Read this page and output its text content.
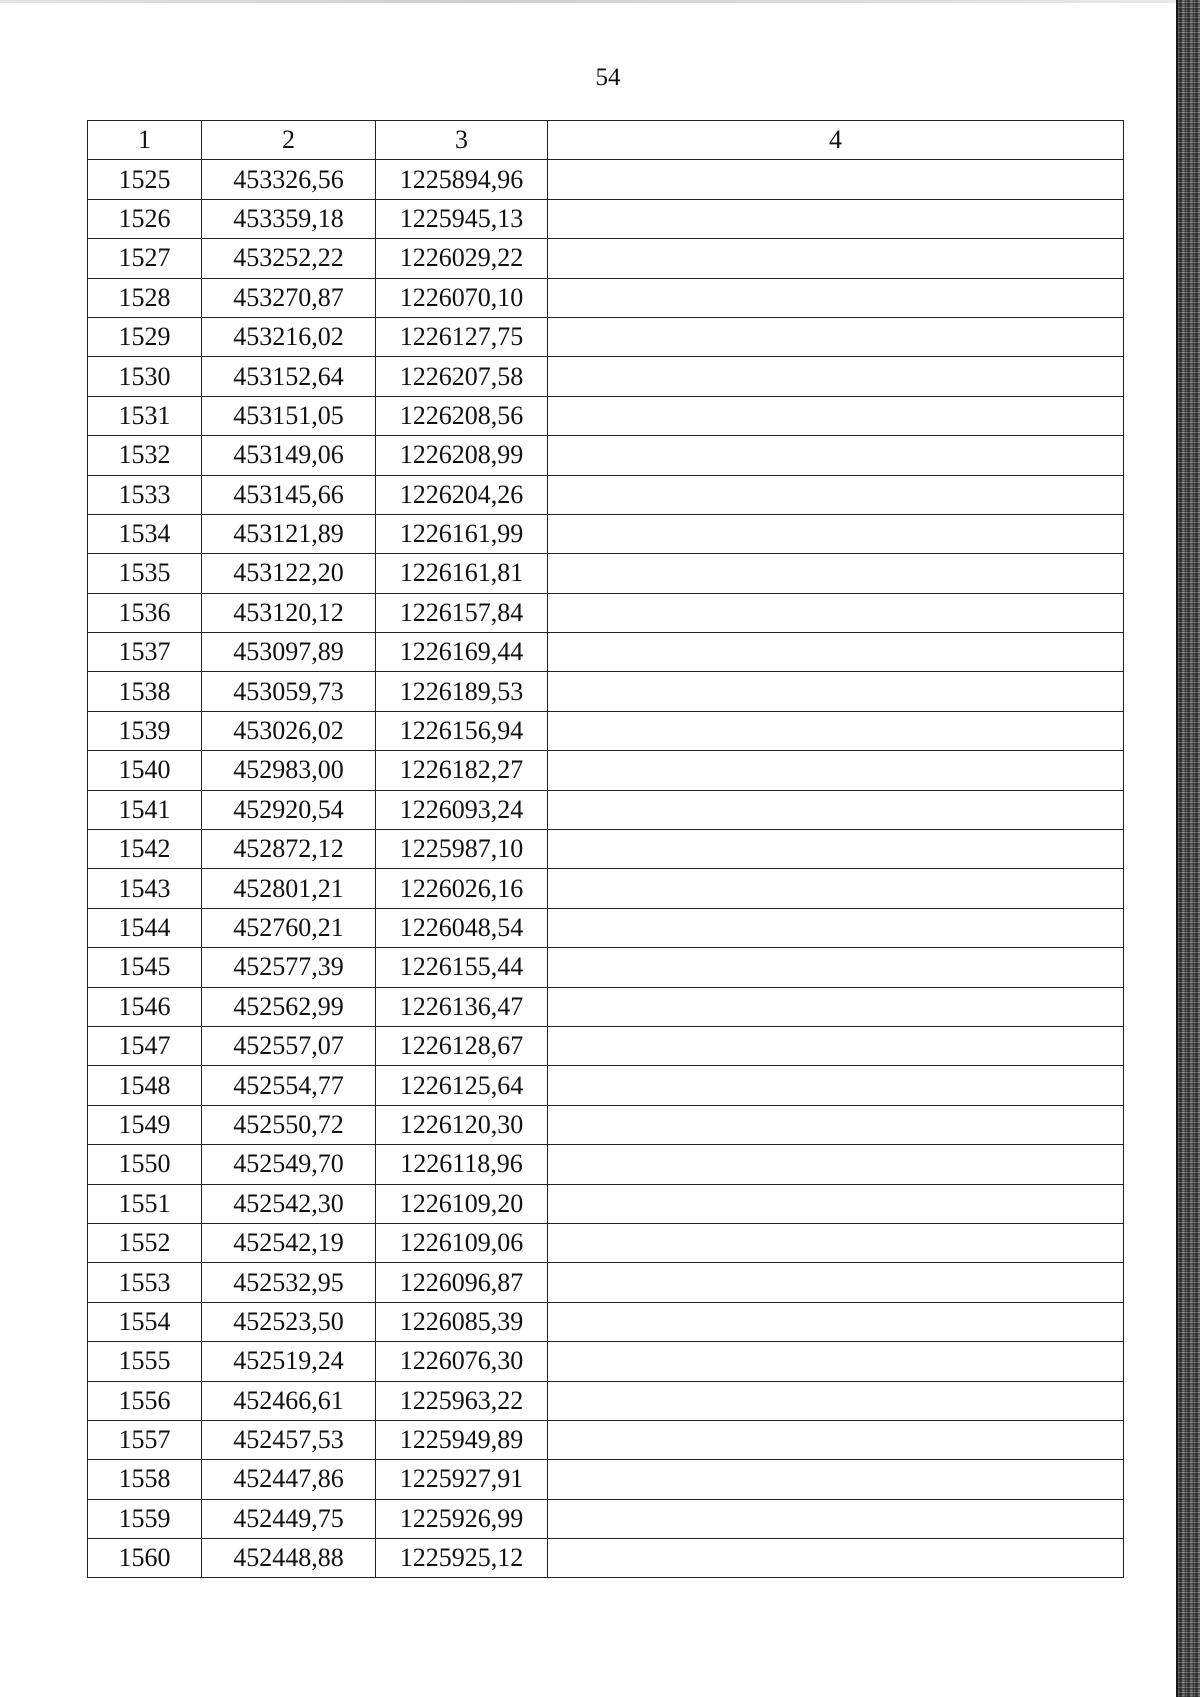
54
1	2	3	4
1525	453326,56	1225894,96	
1526	453359,18	1225945,13	
1527	453252,22	1226029,22	
1528	453270,87	1226070,10	
1529	453216,02	1226127,75	
1530	453152,64	1226207,58	
1531	453151,05	1226208,56	
1532	453149,06	1226208,99	
1533	453145,66	1226204,26	
1534	453121,89	1226161,99	
1535	453122,20	1226161,81	
1536	453120,12	1226157,84	
1537	453097,89	1226169,44	
1538	453059,73	1226189,53	
1539	453026,02	1226156,94	
1540	452983,00	1226182,27	
1541	452920,54	1226093,24	
1542	452872,12	1225987,10	
1543	452801,21	1226026,16	
1544	452760,21	1226048,54	
1545	452577,39	1226155,44	
1546	452562,99	1226136,47	
1547	452557,07	1226128,67	
1548	452554,77	1226125,64	
1549	452550,72	1226120,30	
1550	452549,70	1226118,96	
1551	452542,30	1226109,20	
1552	452542,19	1226109,06	
1553	452532,95	1226096,87	
1554	452523,50	1226085,39	
1555	452519,24	1226076,30	
1556	452466,61	1225963,22	
1557	452457,53	1225949,89	
1558	452447,86	1225927,91	
1559	452449,75	1225926,99	
1560	452448,88	1225925,12	
